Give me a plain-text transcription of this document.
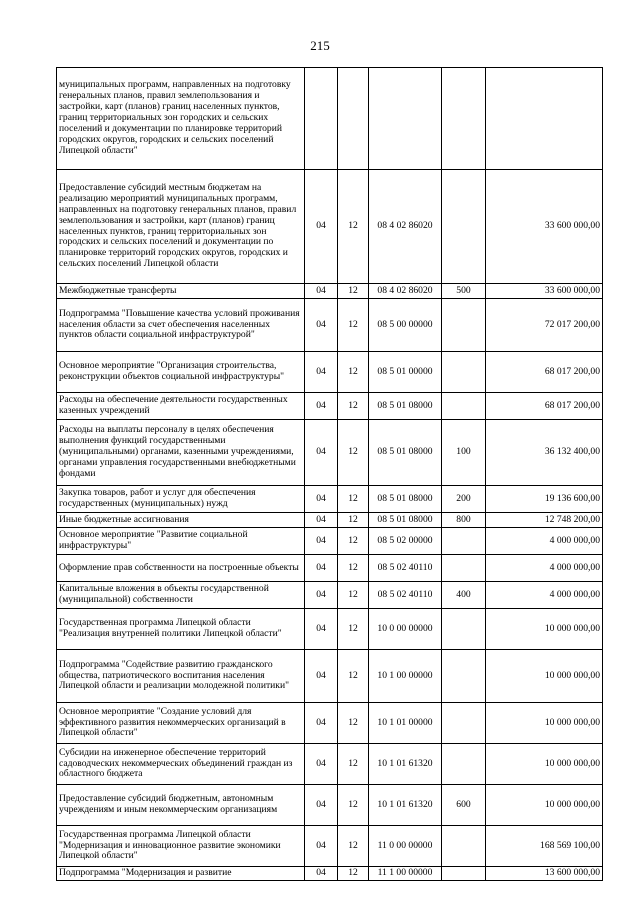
215
муниципальных программ, направленных на подготовку генеральных планов, правил землепользования и застройки, карт (планов) границ населенных пунктов, границ территориальных зон городских и сельских поселений и документации по планировке территорий городских округов, городских и сельских поселений Липецкой области"					
Предоставление субсидий местным бюджетам на реализацию мероприятий муниципальных программ, направленных на подготовку генеральных планов, правил землепользования и застройки, карт (планов) границ населенных пунктов, границ территориальных зон городских и сельских поселений и документации по планировке территорий городских округов, городских и сельских поселений Липецкой области	04	12	08 4 02 86020		33 600 000,00
Межбюджетные трансферты	04	12	08 4 02 86020	500	33 600 000,00
Подпрограмма "Повышение качества условий проживания населения области за счет обеспечения населенных пунктов области социальной инфраструктурой"	04	12	08 5 00 00000		72 017 200,00
Основное мероприятие "Организация строительства, реконструкции объектов социальной инфраструктуры"	04	12	08 5 01 00000		68 017 200,00
Расходы на обеспечение деятельности государственных казенных учреждений	04	12	08 5 01 08000		68 017 200,00
Расходы на выплаты персоналу в целях обеспечения выполнения функций государственными (муниципальными) органами, казенными учреждениями, органами управления государственными внебюджетными фондами	04	12	08 5 01 08000	100	36 132 400,00
Закупка товаров, работ и услуг для обеспечения государственных (муниципальных) нужд	04	12	08 5 01 08000	200	19 136 600,00
Иные бюджетные ассигнования	04	12	08 5 01 08000	800	12 748 200,00
Основное мероприятие "Развитие социальной инфраструктуры"	04	12	08 5 02 00000		4 000 000,00
Оформление прав собственности на построенные объекты	04	12	08 5 02 40110		4 000 000,00
Капитальные вложения в объекты государственной (муниципальной) собственности	04	12	08 5 02 40110	400	4 000 000,00
Государственная программа Липецкой области "Реализация внутренней политики Липецкой области"	04	12	10 0 00 00000		10 000 000,00
Подпрограмма "Содействие развитию гражданского общества, патриотического воспитания населения Липецкой области и реализации молодежной политики"	04	12	10 1 00 00000		10 000 000,00
Основное мероприятие "Создание условий для эффективного развития некоммерческих организаций в Липецкой области"	04	12	10 1 01 00000		10 000 000,00
Субсидии на инженерное обеспечение территорий садоводческих некоммерческих объединений граждан из областного бюджета	04	12	10 1 01 61320		10 000 000,00
Предоставление субсидий бюджетным, автономным учреждениям и иным некоммерческим организациям	04	12	10 1 01 61320	600	10 000 000,00
Государственная программа Липецкой области "Модернизация и инновационное развитие экономики Липецкой области"	04	12	11 0 00 00000		168 569 100,00
Подпрограмма "Модернизация и развитие	04	12	11 1 00 00000		13 600 000,00
